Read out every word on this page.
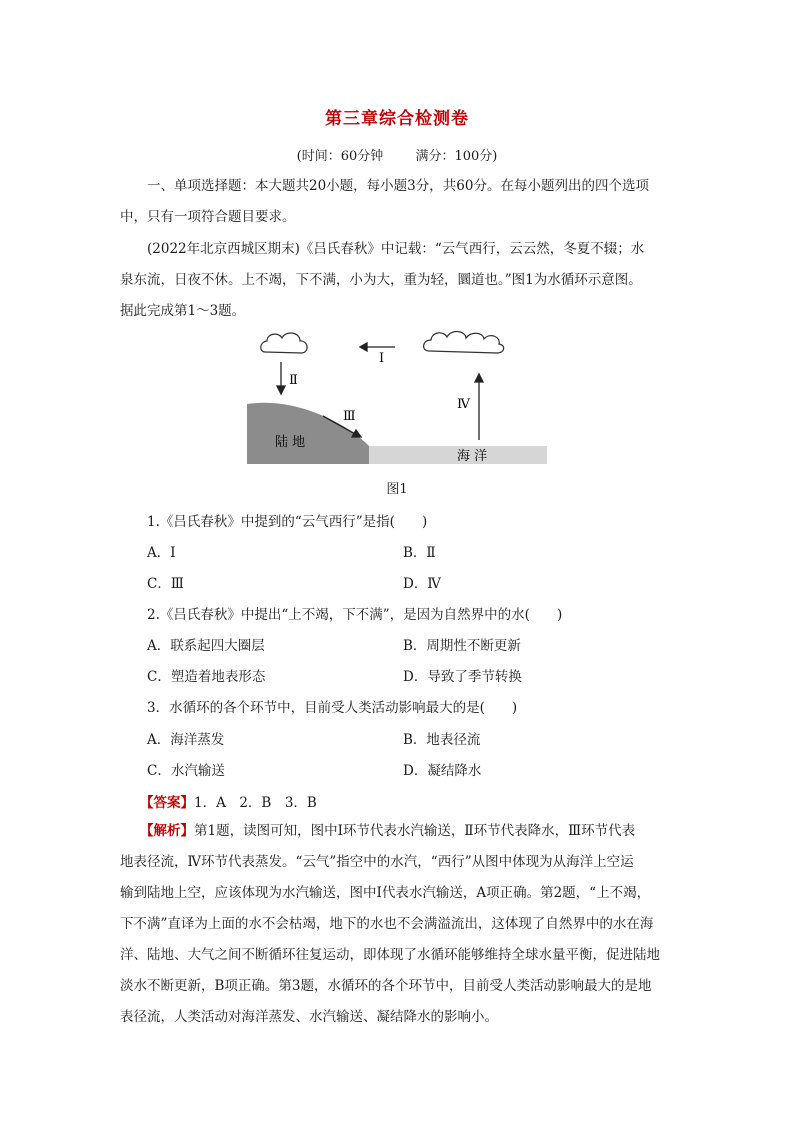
第三章综合检测卷
(时间：60分钟 满分：100分)
一、单项选择题：本大题共20小题，每小题3分，共60分。在每小题列出的四个选项
中，只有一项符合题目要求。
(2022年北京西城区期末)《吕氏春秋》中记载：“云气西行，云云然，冬夏不辍；水
泉东流，日夜不休。上不竭，下不满，小为大，重为轻，圜道也。”图1为水循环示意图。
据此完成第1～3题。
Ⅰ
Ⅱ
Ⅲ
Ⅳ
陆 地
海 洋
图1
1.《吕氏春秋》中提到的“云气西行”是指(　　)
A．Ⅰ	B．Ⅱ
C．Ⅲ	D．Ⅳ
2.《吕氏春秋》中提出“上不竭，下不满”，是因为自然界中的水(　　)
A．联系起四大圈层	B．周期性不断更新
C．塑造着地表形态	D．导致了季节转换
3．水循环的各个环节中，目前受人类活动影响最大的是(　　)
A．海洋蒸发	B．地表径流
C．水汽输送	D．凝结降水
【答案】1．A　2．B　3．B
【解析】第1题，读图可知，图中Ⅰ环节代表水汽输送，Ⅱ环节代表降水，Ⅲ环节代表
地表径流，Ⅳ环节代表蒸发。“云气”指空中的水汽，“西行”从图中体现为从海洋上空运
输到陆地上空，应该体现为水汽输送，图中Ⅰ代表水汽输送，A项正确。第2题，“上不竭，
下不满”直译为上面的水不会枯竭，地下的水也不会满溢流出，这体现了自然界中的水在海
洋、陆地、大气之间不断循环往复运动，即体现了水循环能够维持全球水量平衡，促进陆地
淡水不断更新，B项正确。第3题，水循环的各个环节中，目前受人类活动影响最大的是地
表径流，人类活动对海洋蒸发、水汽输送、凝结降水的影响小。
